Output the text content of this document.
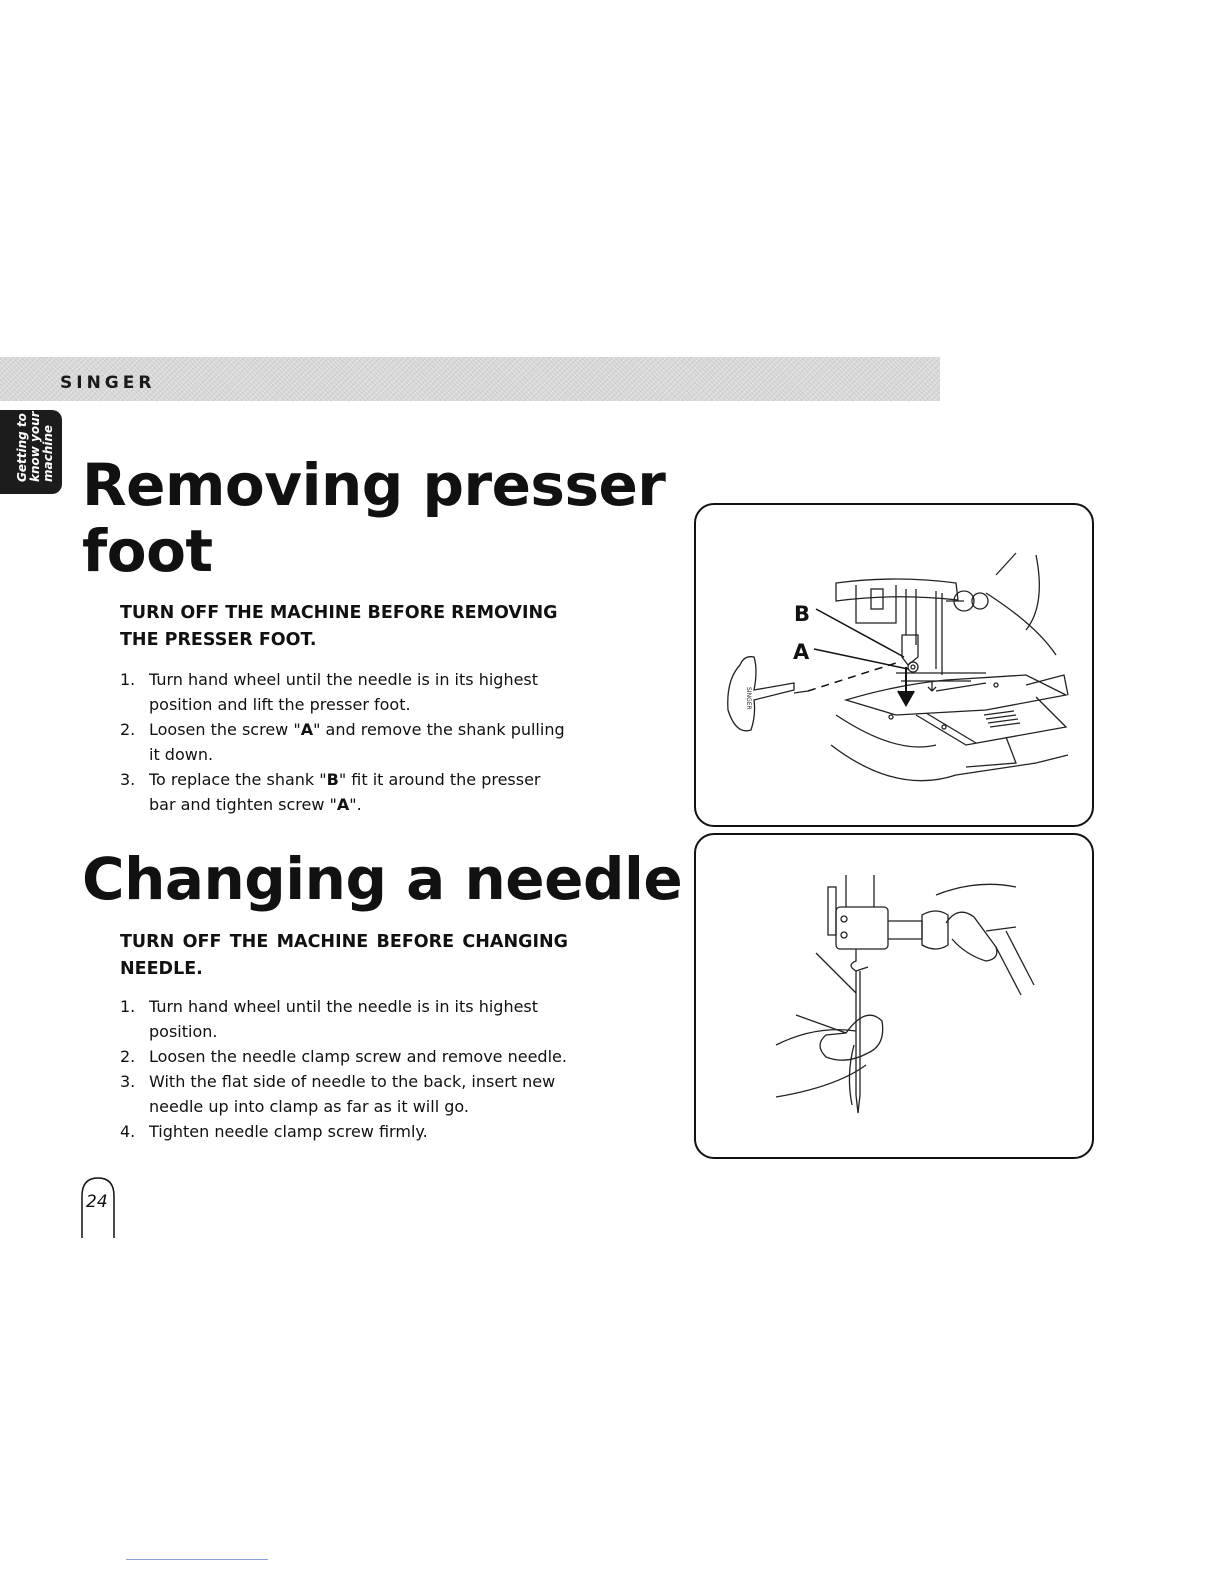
SINGER
Getting to know your machine Removing presser
foot

TURN OFF THE MACHINE BEFORE REMOVING THE PRESSER FOOT.

1. Turn hand wheel until the needle is in its highest position and lift the presser foot.
2. Loosen the screw "A" and remove the shank pulling it down.
3. To replace the shank "B" fit it around the presser bar and tighten screw "A".
Changing a needle

TURN OFF THE MACHINE BEFORE CHANGING NEEDLE.

1. Turn hand wheel until the needle is in its highest position.
2. Loosen the needle clamp screw and remove needle.
3. With the flat side of needle to the back, insert new needle up into clamp as far as it will go.
4. Tighten needle clamp screw firmly.
24
SINGER
B
A
